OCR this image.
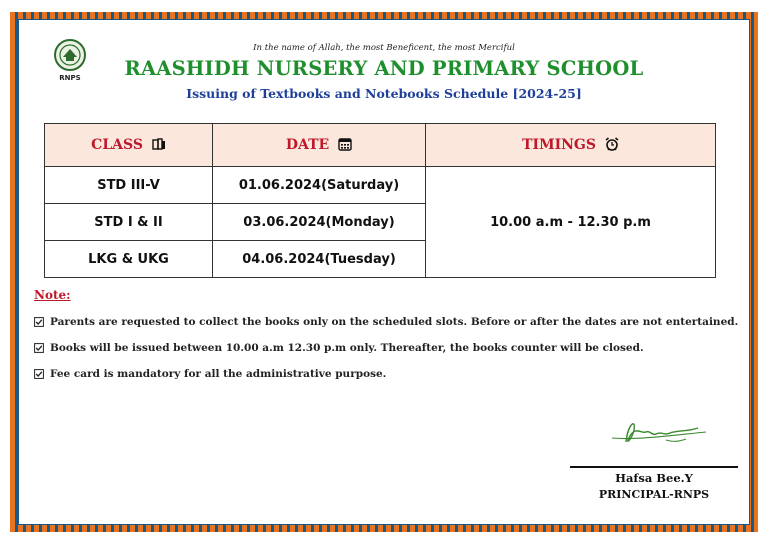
RNPS
In the name of Allah, the most Beneficent, the most Merciful
RAASHIDH NURSERY AND PRIMARY SCHOOL
Issuing of Textbooks and Notebooks Schedule [2024-25]
CLASS	DATE	TIMINGS
STD III-V	01.06.2024(Saturday)	10.00 a.m - 12.30 p.m
STD I & II	03.06.2024(Monday)	
LKG & UKG	04.06.2024(Tuesday)	
Note:
Parents are requested to collect the books only on the scheduled slots. Before or after the dates are not entertained.
Books will be issued between 10.00 a.m 12.30 p.m only. Thereafter, the books counter will be closed.
Fee card is mandatory for all the administrative purpose.
Hafsa Bee.Y
PRINCIPAL-RNPS
